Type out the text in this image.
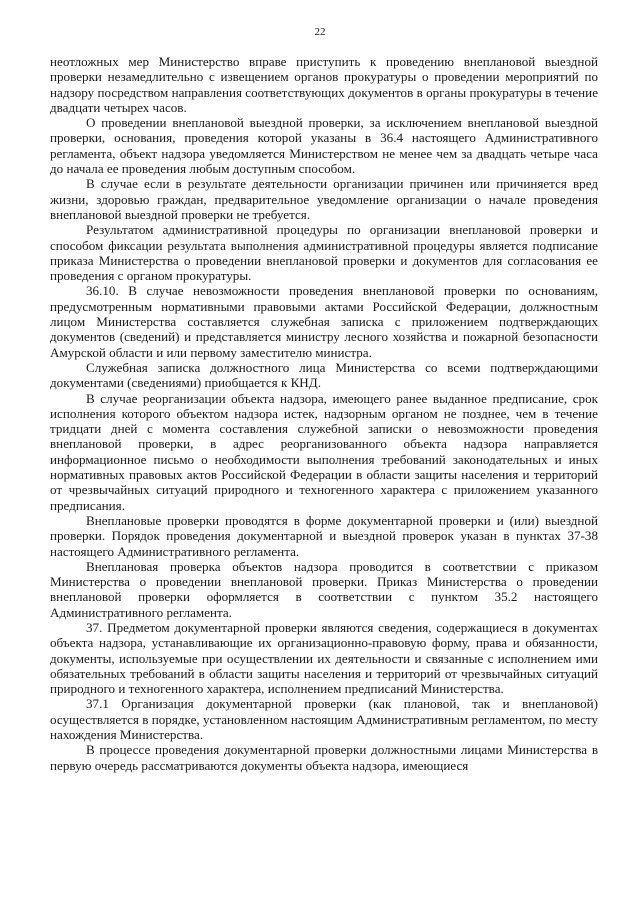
22

неотложных мер Министерство вправе приступить к проведению внеплановой выездной проверки незамедлительно с извещением органов прокуратуры о проведении мероприятий по надзору посредством направления соответствующих документов в органы прокуратуры в течение двадцати четырех часов.

О проведении внеплановой выездной проверки, за исключением внеплановой выездной проверки, основания, проведения которой указаны в 36.4 настоящего Административного регламента, объект надзора уведомляется Министерством не менее чем за двадцать четыре часа до начала ее проведения любым доступным способом.

В случае если в результате деятельности организации причинен или причиняется вред жизни, здоровью граждан, предварительное уведомление организации о начале проведения внеплановой выездной проверки не требуется.

Результатом административной процедуры по организации внеплановой проверки и способом фиксации результата выполнения административной процедуры является подписание приказа Министерства о проведении внеплановой проверки и документов для согласования ее проведения с органом прокуратуры.

36.10. В случае невозможности проведения внеплановой проверки по основаниям, предусмотренным нормативными правовыми актами Российской Федерации, должностным лицом Министерства составляется служебная записка с приложением подтверждающих документов (сведений) и представляется министру лесного хозяйства и пожарной безопасности Амурской области и или первому заместителю министра.

Служебная записка должностного лица Министерства со всеми подтверждающими документами (сведениями) приобщается к КНД.

В случае реорганизации объекта надзора, имеющего ранее выданное предписание, срок исполнения которого объектом надзора истек, надзорным органом не позднее, чем в течение тридцати дней с момента составления служебной записки о невозможности проведения внеплановой проверки, в адрес реорганизованного объекта надзора направляется информационное письмо о необходимости выполнения требований законодательных и иных нормативных правовых актов Российской Федерации в области защиты населения и территорий от чрезвычайных ситуаций природного и техногенного характера с приложением указанного предписания.

Внеплановые проверки проводятся в форме документарной проверки и (или) выездной проверки. Порядок проведения документарной и выездной проверок указан в пунктах 37-38 настоящего Административного регламента.

Внеплановая проверка объектов надзора проводится в соответствии с приказом Министерства о проведении внеплановой проверки. Приказ Министерства о проведении внеплановой проверки оформляется в соответствии с пунктом 35.2 настоящего Административного регламента.

37. Предметом документарной проверки являются сведения, содержащиеся в документах объекта надзора, устанавливающие их организационно-правовую форму, права и обязанности, документы, используемые при осуществлении их деятельности и связанные с исполнением ими обязательных требований в области защиты населения и территорий от чрезвычайных ситуаций природного и техногенного характера, исполнением предписаний Министерства.

37.1 Организация документарной проверки (как плановой, так и внеплановой) осуществляется в порядке, установленном настоящим Административным регламентом, по месту нахождения Министерства.

В процессе проведения документарной проверки должностными лицами Министерства в первую очередь рассматриваются документы объекта надзора, имеющиеся
